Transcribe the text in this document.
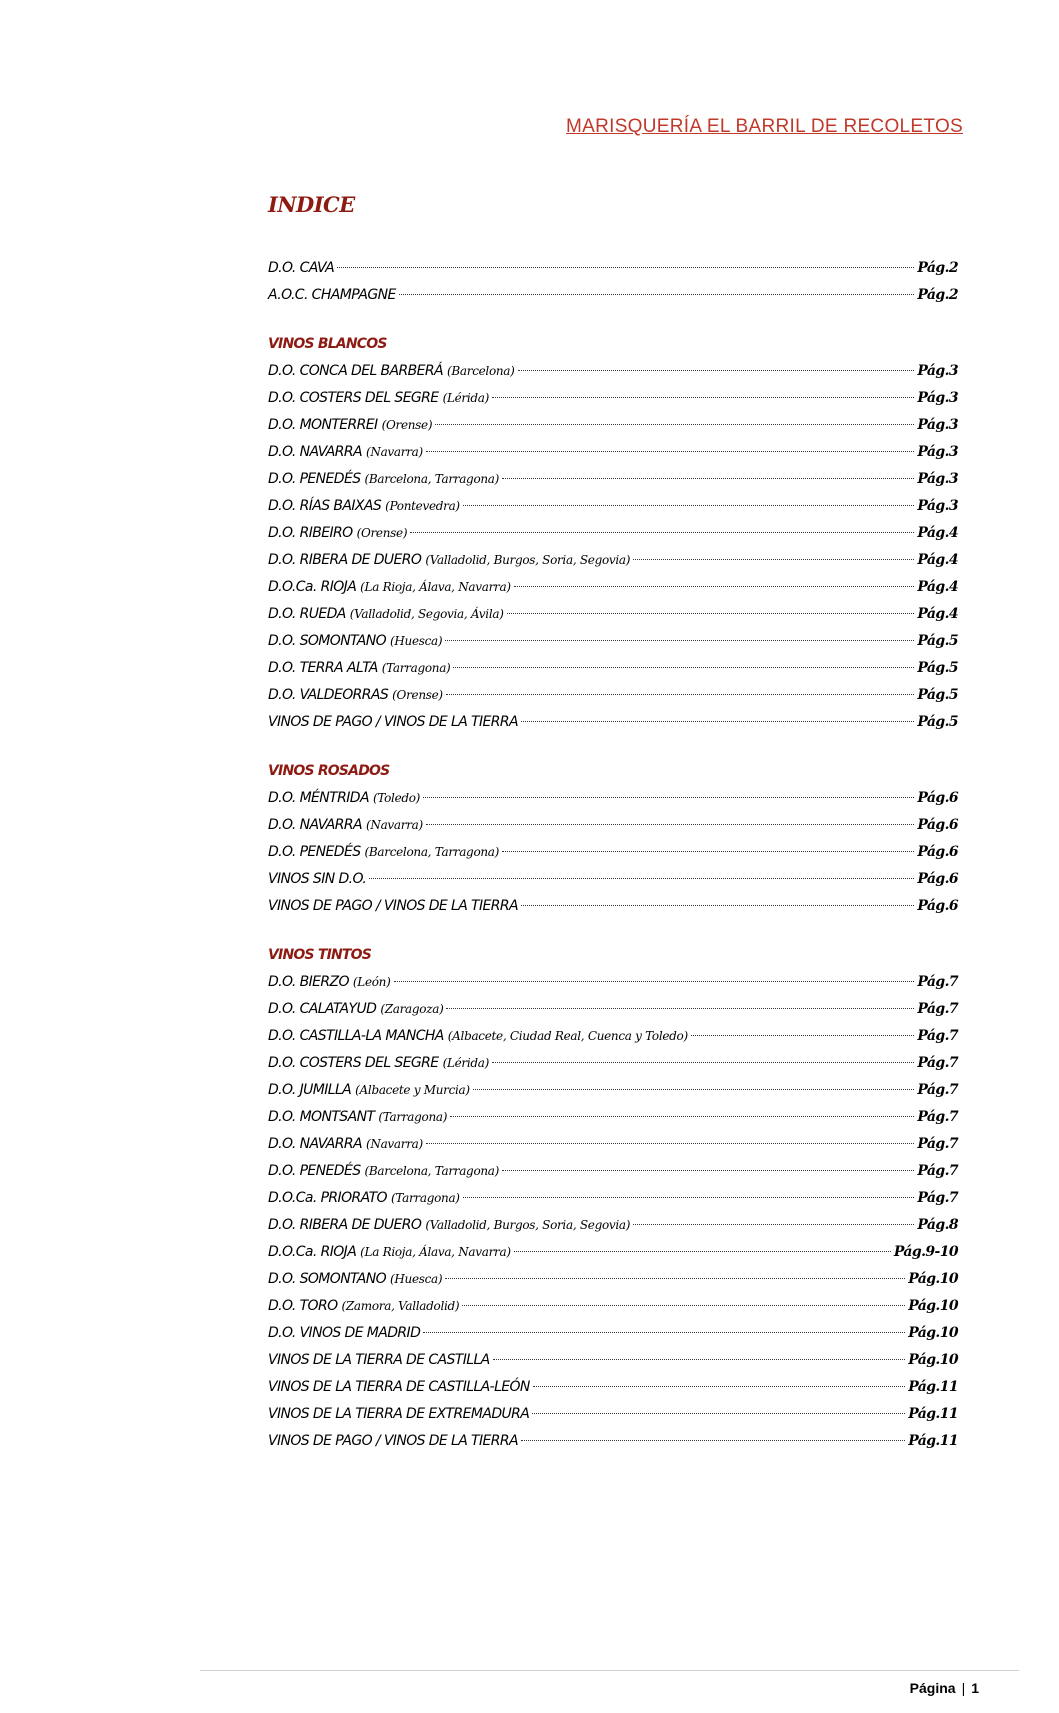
MARISQUERÍA EL BARRIL DE RECOLETOS
INDICE
D.O. CAVA	Pág.2
A.O.C. CHAMPAGNE	Pág.2
VINOS BLANCOS
D.O. CONCA DEL BARBERÁ (Barcelona)	Pág.3
D.O. COSTERS DEL SEGRE (Lérida)	Pág.3
D.O. MONTERREI (Orense)	Pág.3
D.O. NAVARRA (Navarra)	Pág.3
D.O. PENEDÉS (Barcelona, Tarragona)	Pág.3
D.O. RÍAS BAIXAS (Pontevedra)	Pág.3
D.O. RIBEIRO (Orense)	Pág.4
D.O. RIBERA DE DUERO (Valladolid, Burgos, Soria, Segovia)	Pág.4
D.O.Ca. RIOJA (La Rioja, Álava, Navarra)	Pág.4
D.O. RUEDA (Valladolid, Segovia, Ávila)	Pág.4
D.O. SOMONTANO (Huesca)	Pág.5
D.O. TERRA ALTA (Tarragona)	Pág.5
D.O. VALDEORRAS (Orense)	Pág.5
VINOS DE PAGO / VINOS DE LA TIERRA	Pág.5
VINOS ROSADOS
D.O. MÉNTRIDA (Toledo)	Pág.6
D.O. NAVARRA (Navarra)	Pág.6
D.O. PENEDÉS (Barcelona, Tarragona)	Pág.6
VINOS SIN D.O.	Pág.6
VINOS DE PAGO / VINOS DE LA TIERRA	Pág.6
VINOS TINTOS
D.O. BIERZO (León)	Pág.7
D.O. CALATAYUD (Zaragoza)	Pág.7
D.O. CASTILLA-LA MANCHA (Albacete, Ciudad Real, Cuenca y Toledo)	Pág.7
D.O. COSTERS DEL SEGRE (Lérida)	Pág.7
D.O. JUMILLA (Albacete y Murcia)	Pág.7
D.O. MONTSANT (Tarragona)	Pág.7
D.O. NAVARRA (Navarra)	Pág.7
D.O. PENEDÉS (Barcelona, Tarragona)	Pág.7
D.O.Ca. PRIORATO (Tarragona)	Pág.7
D.O. RIBERA DE DUERO (Valladolid, Burgos, Soria, Segovia)	Pág.8
D.O.Ca. RIOJA (La Rioja, Álava, Navarra)	Pág.9-10
D.O. SOMONTANO (Huesca)	Pág.10
D.O. TORO (Zamora, Valladolid)	Pág.10
D.O. VINOS DE MADRID	Pág.10
VINOS DE LA TIERRA DE CASTILLA	Pág.10
VINOS DE LA TIERRA DE CASTILLA-LEÓN	Pág.11
VINOS DE LA TIERRA DE EXTREMADURA	Pág.11
VINOS DE PAGO / VINOS DE LA TIERRA	Pág.11
Página | 1
